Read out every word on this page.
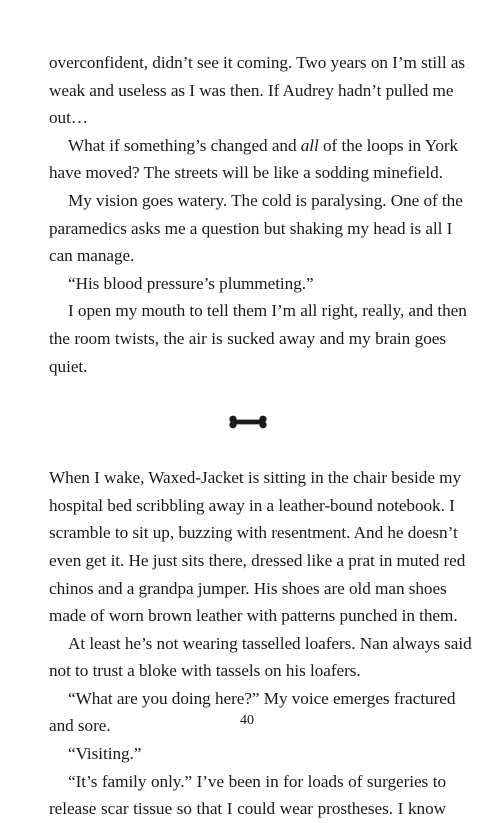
overconfident, didn’t see it coming. Two years on I’m still as
weak and useless as I was then. If Audrey hadn’t pulled me
out…
What if something’s changed and all of the loops in York
have moved? The streets will be like a sodding minefield.
My vision goes watery. The cold is paralysing. One of the
paramedics asks me a question but shaking my head is all I
can manage.
“His blood pressure’s plummeting.”
I open my mouth to tell them I’m all right, really, and then
the room twists, the air is sucked away and my brain goes
quiet.
When I wake, Waxed-Jacket is sitting in the chair beside my
hospital bed scribbling away in a leather-bound notebook. I
scramble to sit up, buzzing with resentment. And he doesn’t
even get it. He just sits there, dressed like a prat in muted red
chinos and a grandpa jumper. His shoes are old man shoes
made of worn brown leather with patterns punched in them.
At least he’s not wearing tasselled loafers. Nan always said
not to trust a bloke with tassels on his loafers.
“What are you doing here?” My voice emerges fractured
and sore.
“Visiting.”
“It’s family only.” I’ve been in for loads of surgeries to
release scar tissue so that I could wear prostheses. I know
40
